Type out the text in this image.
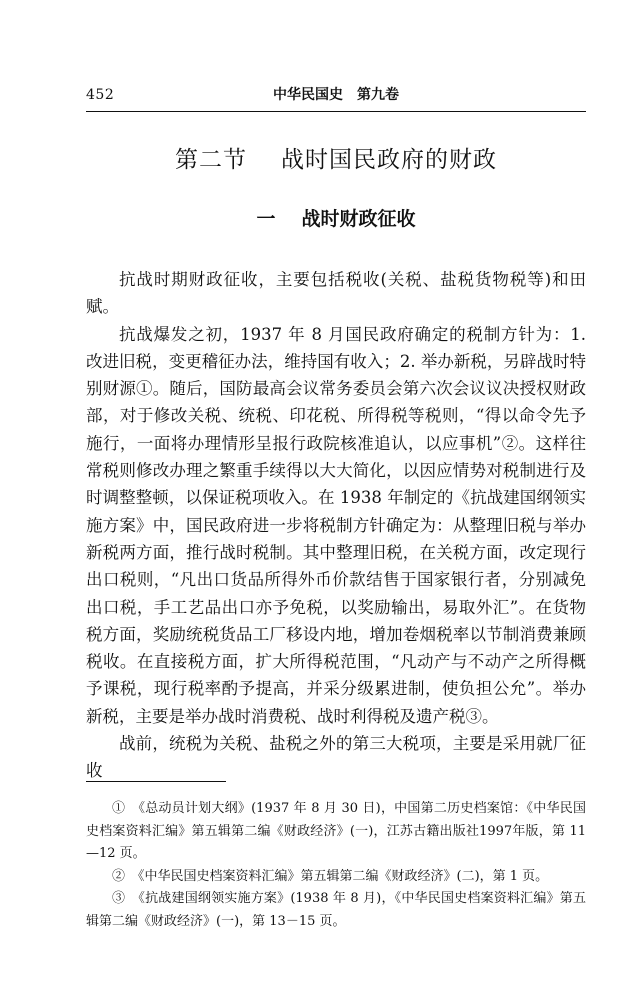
452	中华民国史　第九卷
第二节 战时国民政府的财政
一 战时财政征收

抗战时期财政征收，主要包括税收(关税、盐税货物税等)和田赋。

抗战爆发之初，1937 年 8 月国民政府确定的税制方针为：1. 改进旧税，变更稽征办法，维持国有收入；2. 举办新税，另辟战时特别财源①。随后，国防最高会议常务委员会第六次会议议决授权财政部，对于修改关税、统税、印花税、所得税等税则，“得以命令先予施行，一面将办理情形呈报行政院核准追认，以应事机”②。这样往常税则修改办理之繁重手续得以大大简化，以因应情势对税制进行及时调整整顿，以保证税项收入。在 1938 年制定的《抗战建国纲领实施方案》中，国民政府进一步将税制方针确定为：从整理旧税与举办新税两方面，推行战时税制。其中整理旧税，在关税方面，改定现行出口税则，“凡出口货品所得外币价款结售于国家银行者，分别减免出口税，手工艺品出口亦予免税，以奖励输出，易取外汇”。在货物税方面，奖励统税货品工厂移设内地，增加卷烟税率以节制消费兼顾税收。在直接税方面，扩大所得税范围，“凡动产与不动产之所得概予课税，现行税率酌予提高，并采分级累进制，使负担公允”。举办新税，主要是举办战时消费税、战时利得税及遗产税③。

战前，统税为关税、盐税之外的第三大税项，主要是采用就厂征收

①　《总动员计划大纲》(1937 年 8 月 30 日)，中国第二历史档案馆：《中华民国史档案资料汇编》第五辑第二编《财政经济》(一)，江苏古籍出版社1997年版，第 11—12 页。

②　《中华民国史档案资料汇编》第五辑第二编《财政经济》(二)，第 1 页。

③　《抗战建国纲领实施方案》(1938 年 8 月)，《中华民国史档案资料汇编》第五辑第二编《财政经济》(一)，第 13－15 页。
